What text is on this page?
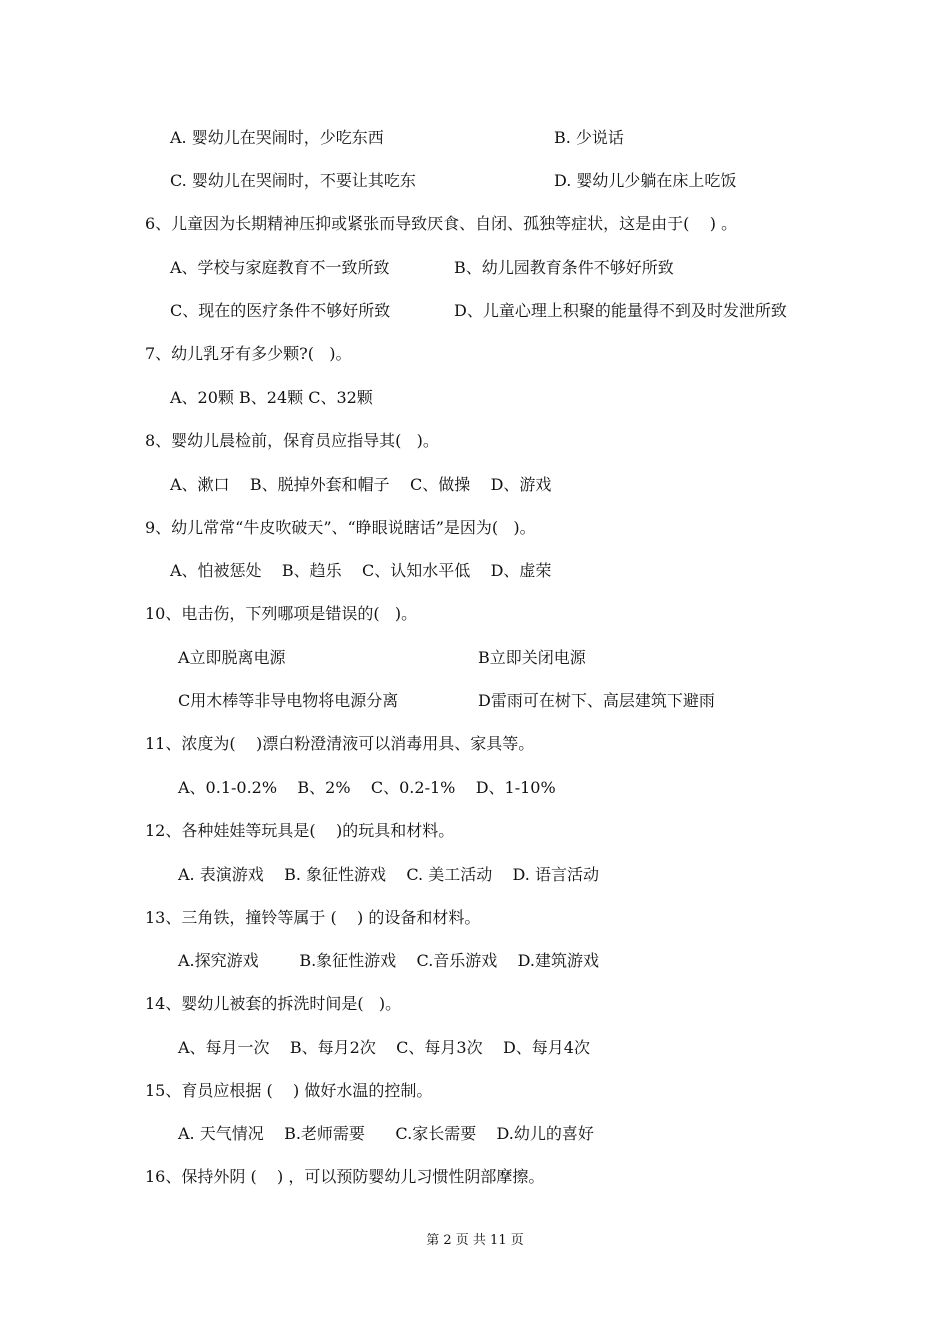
A. 婴幼儿在哭闹时，少吃东西	B. 少说话
C. 婴幼儿在哭闹时，不要让其吃东	D. 婴幼儿少躺在床上吃饭
6、儿童因为长期精神压抑或紧张而导致厌食、自闭、孤独等症状，这是由于(    ) 。
A、学校与家庭教育不一致所致	B、幼儿园教育条件不够好所致
C、现在的医疗条件不够好所致	D、儿童心理上积聚的能量得不到及时发泄所致
7、幼儿乳牙有多少颗?(   )。
A、20颗 B、24颗 C、32颗
8、婴幼儿晨检前，保育员应指导其(   )。
A、漱口    B、脱掉外套和帽子    C、做操    D、游戏
9、幼儿常常“牛皮吹破天”、“睁眼说瞎话”是因为(   )。
A、怕被惩处    B、趋乐    C、认知水平低    D、虚荣
10、电击伤，下列哪项是错误的(   )。
A立即脱离电源	B立即关闭电源
C用木棒等非导电物将电源分离	D雷雨可在树下、高层建筑下避雨
11、浓度为(    )漂白粉澄清液可以消毒用具、家具等。
A、0.1-0.2%    B、2%    C、0.2-1%    D、1-10%
12、各种娃娃等玩具是(    )的玩具和材料。
A. 表演游戏    B. 象征性游戏    C. 美工活动    D. 语言活动
13、三角铁，撞铃等属于 (    ) 的设备和材料。
A.探究游戏        B.象征性游戏    C.音乐游戏    D.建筑游戏
14、婴幼儿被套的拆洗时间是(   )。
A、每月一次    B、每月2次    C、每月3次    D、每月4次
15、育员应根据 (    ) 做好水温的控制。
A. 天气情况    B.老师需要      C.家长需要    D.幼儿的喜好
16、保持外阴 (    ) ，可以预防婴幼儿习惯性阴部摩擦。
第 2 页 共 11 页
